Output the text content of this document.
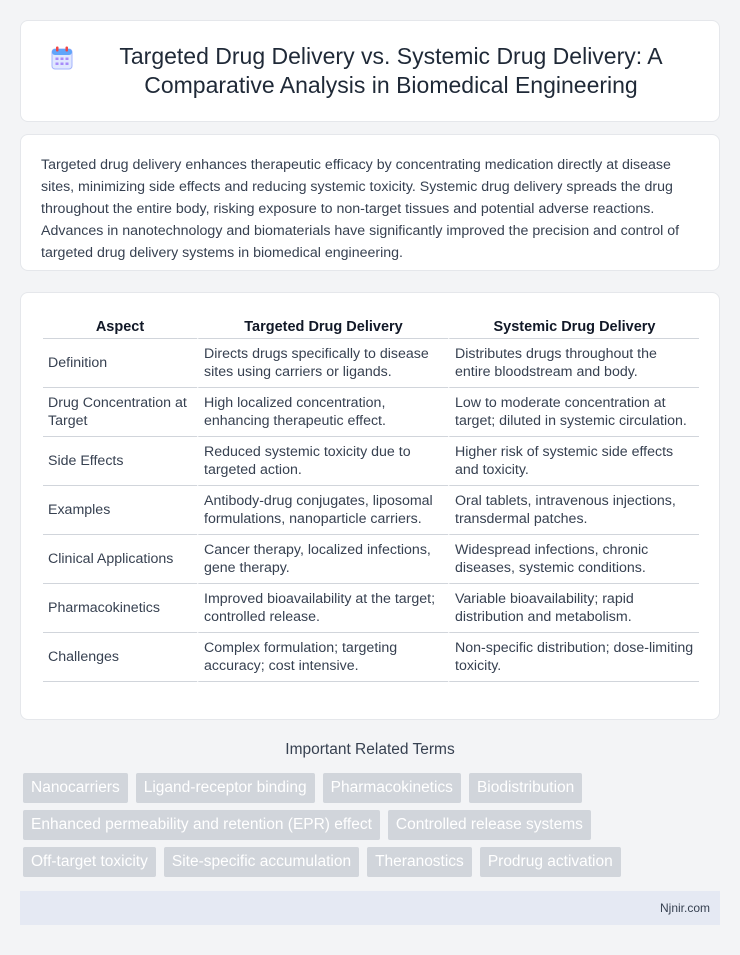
Targeted Drug Delivery vs. Systemic Drug Delivery: A Comparative Analysis in Biomedical Engineering

Targeted drug delivery enhances therapeutic efficacy by concentrating medication directly at disease sites, minimizing side effects and reducing systemic toxicity. Systemic drug delivery spreads the drug throughout the entire body, risking exposure to non-target tissues and potential adverse reactions. Advances in nanotechnology and biomaterials have significantly improved the precision and control of targeted drug delivery systems in biomedical engineering.

Aspect	Targeted Drug Delivery	Systemic Drug Delivery
Definition	Directs drugs specifically to disease sites using carriers or ligands.	Distributes drugs throughout the entire bloodstream and body.
Drug Concentration at Target	High localized concentration, enhancing therapeutic effect.	Low to moderate concentration at target; diluted in systemic circulation.
Side Effects	Reduced systemic toxicity due to targeted action.	Higher risk of systemic side effects and toxicity.
Examples	Antibody-drug conjugates, liposomal formulations, nanoparticle carriers.	Oral tablets, intravenous injections, transdermal patches.
Clinical Applications	Cancer therapy, localized infections, gene therapy.	Widespread infections, chronic diseases, systemic conditions.
Pharmacokinetics	Improved bioavailability at the target; controlled release.	Variable bioavailability; rapid distribution and metabolism.
Challenges	Complex formulation; targeting accuracy; cost intensive.	Non-specific distribution; dose-limiting toxicity.
Important Related Terms
Nanocarriers	Ligand-receptor binding	Pharmacokinetics	Biodistribution
Enhanced permeability and retention (EPR) effect	Controlled release systems
Off-target toxicity	Site-specific accumulation	Theranostics	Prodrug activation
Njnir.com
